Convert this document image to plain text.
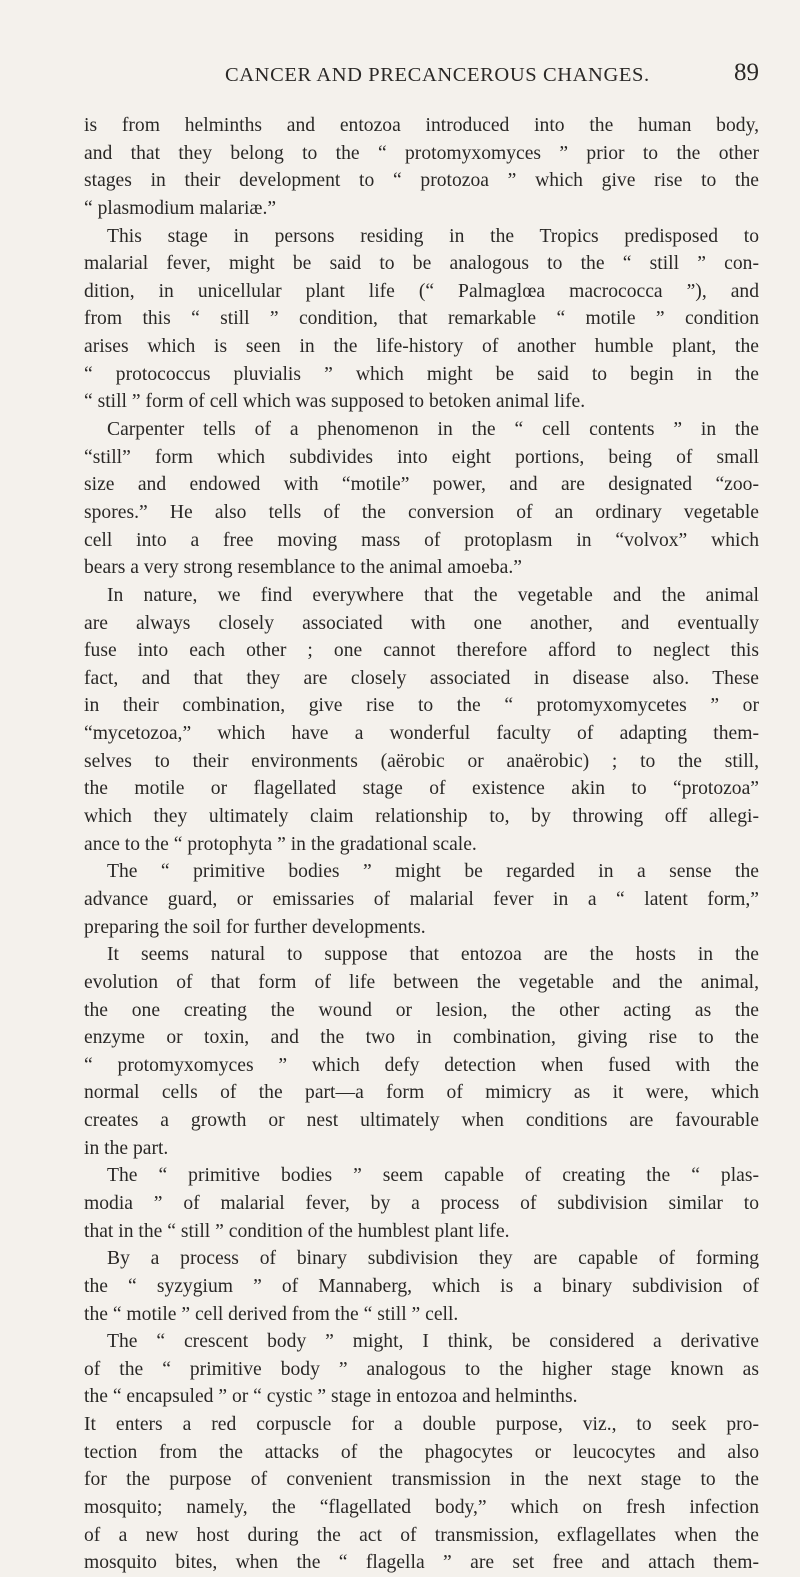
CANCER AND PRECANCEROUS CHANGES.	89
is from helminths and entozoa introduced into the human body,
and that they belong to the “ protomyxomyces ” prior to the other
stages in their development to “ protozoa ” which give rise to the
“ plasmodium malariæ.”
This stage in persons residing in the Tropics predisposed to
malarial fever, might be said to be analogous to the “ still ” con-
dition, in unicellular plant life (“ Palmaglœa macrococca ”), and
from this “ still ” condition, that remarkable “ motile ” condition
arises which is seen in the life-history of another humble plant, the
“ protococcus pluvialis ” which might be said to begin in the
“ still ” form of cell which was supposed to betoken animal life.
Carpenter tells of a phenomenon in the “ cell contents ” in the
“still” form which subdivides into eight portions, being of small
size and endowed with “motile” power, and are designated “zoo-
spores.” He also tells of the conversion of an ordinary vegetable
cell into a free moving mass of protoplasm in “volvox” which
bears a very strong resemblance to the animal amoeba.”
In nature, we find everywhere that the vegetable and the animal
are always closely associated with one another, and eventually
fuse into each other ; one cannot therefore afford to neglect this
fact, and that they are closely associated in disease also. These
in their combination, give rise to the “ protomyxomycetes ” or
“mycetozoa,” which have a wonderful faculty of adapting them-
selves to their environments (aërobic or anaërobic) ; to the still,
the motile or flagellated stage of existence akin to “protozoa”
which they ultimately claim relationship to, by throwing off allegi-
ance to the “ protophyta ” in the gradational scale.
The “ primitive bodies ” might be regarded in a sense the
advance guard, or emissaries of malarial fever in a “ latent form,”
preparing the soil for further developments.
It seems natural to suppose that entozoa are the hosts in the
evolution of that form of life between the vegetable and the animal,
the one creating the wound or lesion, the other acting as the
enzyme or toxin, and the two in combination, giving rise to the
“ protomyxomyces ” which defy detection when fused with the
normal cells of the part—a form of mimicry as it were, which
creates a growth or nest ultimately when conditions are favourable
in the part.
The “ primitive bodies ” seem capable of creating the “ plas-
modia ” of malarial fever, by a process of subdivision similar to
that in the “ still ” condition of the humblest plant life.
By a process of binary subdivision they are capable of forming
the “ syzygium ” of Mannaberg, which is a binary subdivision of
the “ motile ” cell derived from the “ still ” cell.
The “ crescent body ” might, I think, be considered a derivative
of the “ primitive body ” analogous to the higher stage known as
the “ encapsuled ” or “ cystic ” stage in entozoa and helminths.
It enters a red corpuscle for a double purpose, viz., to seek pro-
tection from the attacks of the phagocytes or leucocytes and also
for the purpose of convenient transmission in the next stage to the
mosquito; namely, the “flagellated body,” which on fresh infection
of a new host during the act of transmission, exflagellates when the
mosquito bites, when the “ flagella ” are set free and attach them-
